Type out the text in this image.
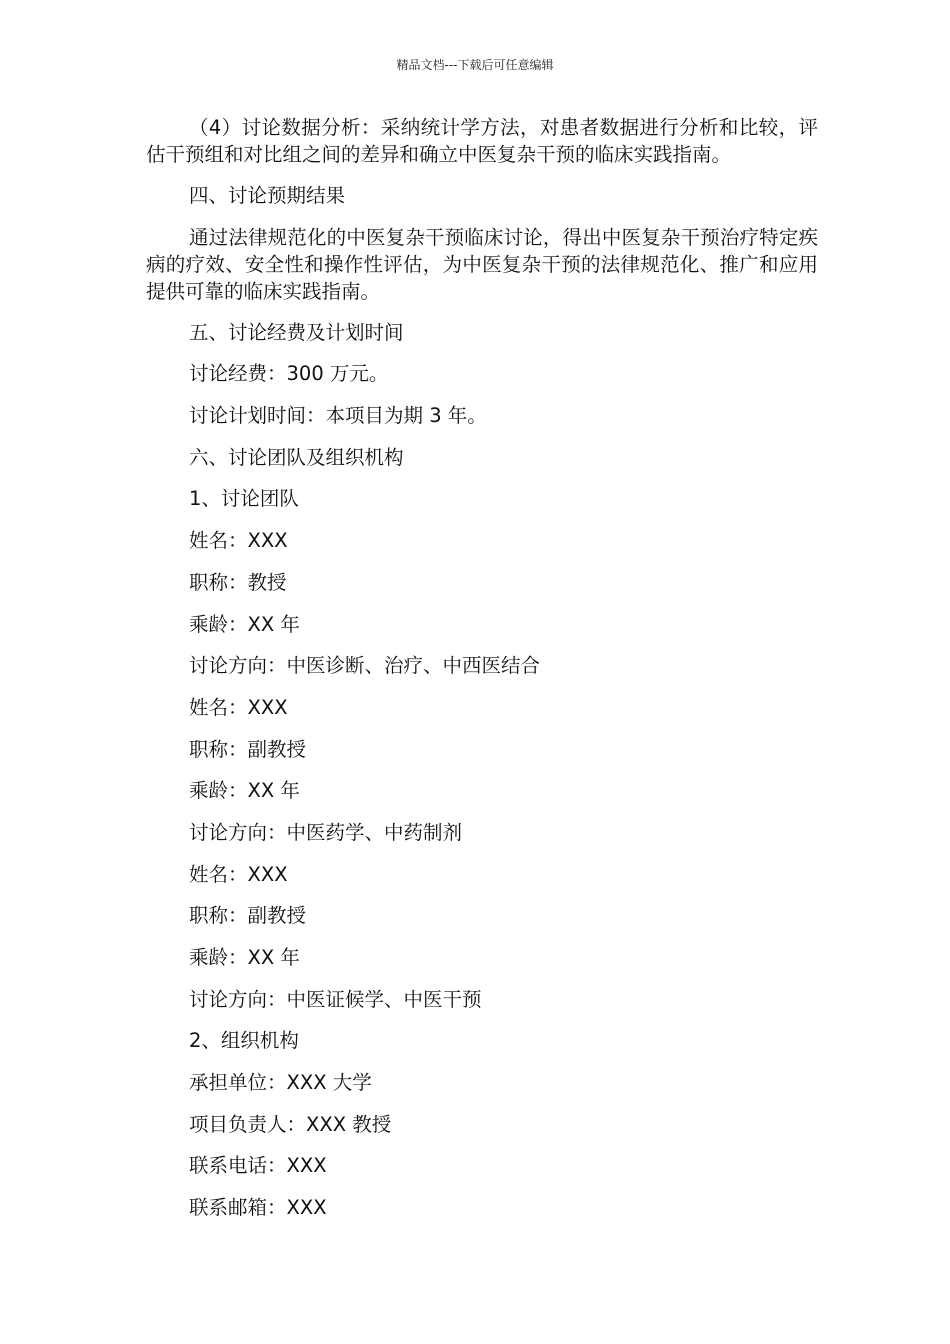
精品文档---下载后可任意编辑

（4）讨论数据分析：采纳统计学方法，对患者数据进行分析和比较，评估干预组和对比组之间的差异和确立中医复杂干预的临床实践指南。

四、讨论预期结果

通过法律规范化的中医复杂干预临床讨论，得出中医复杂干预治疗特定疾病的疗效、安全性和操作性评估，为中医复杂干预的法律规范化、推广和应用提供可靠的临床实践指南。

五、讨论经费及计划时间

讨论经费：300 万元。

讨论计划时间：本项目为期 3 年。

六、讨论团队及组织机构

1、讨论团队

姓名：XXX

职称：教授

乘龄：XX 年

讨论方向：中医诊断、治疗、中西医结合

姓名：XXX

职称：副教授

乘龄：XX 年

讨论方向：中医药学、中药制剂

姓名：XXX

职称：副教授

乘龄：XX 年

讨论方向：中医证候学、中医干预

2、组织机构

承担单位：XXX 大学

项目负责人：XXX 教授

联系电话：XXX

联系邮箱：XXX
